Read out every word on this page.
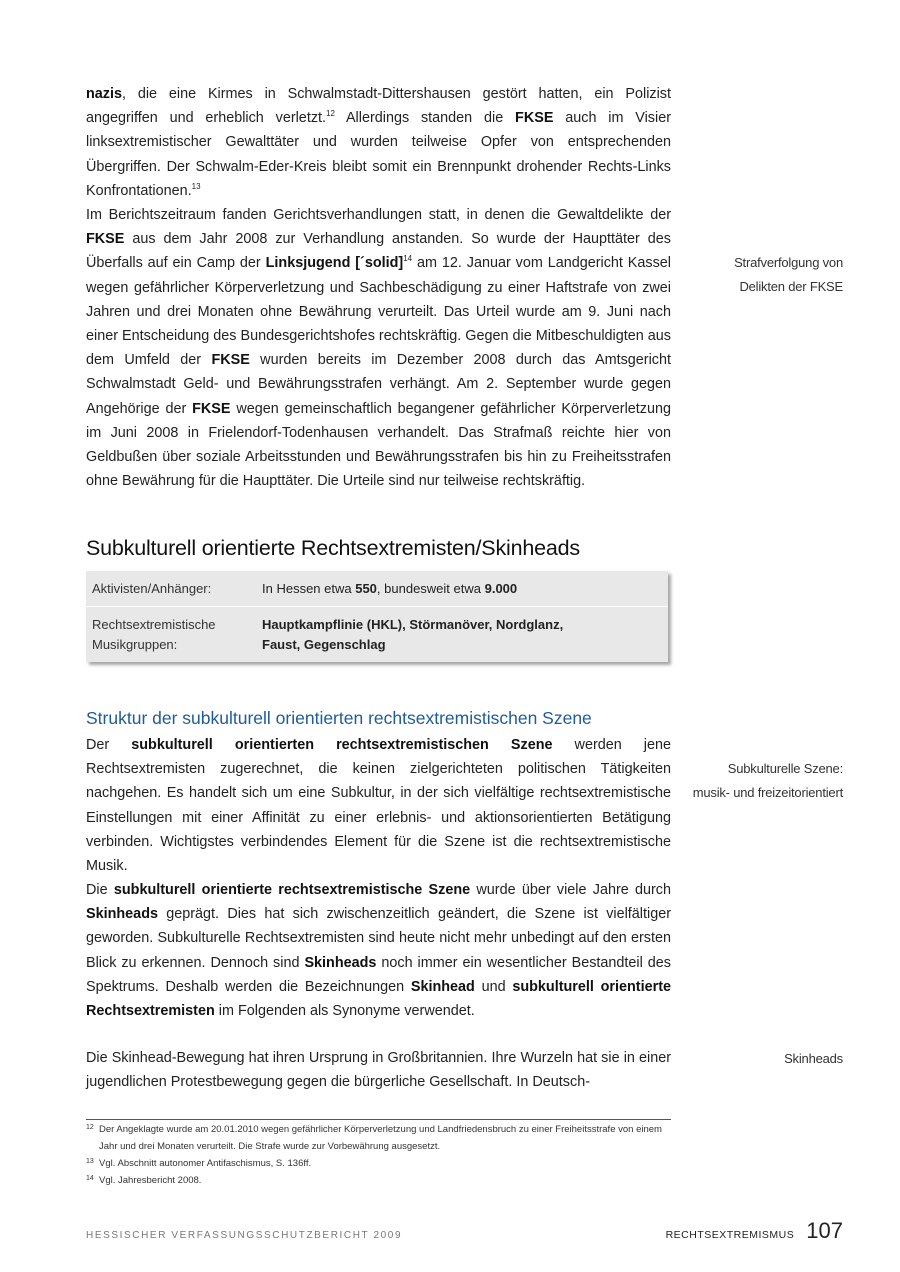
nazis, die eine Kirmes in Schwalmstadt-Dittershausen gestört hatten, ein Polizist angegriffen und erheblich verletzt.$^{12}$ Allerdings standen die FKSE auch im Visier linksextremistischer Gewalttäter und wurden teilweise Opfer von entsprechenden Übergriffen. Der Schwalm-Eder-Kreis bleibt somit ein Brennpunkt drohender Rechts-Links Konfrontationen.$^{13}$

Im Berichtszeitraum fanden Gerichtsverhandlungen statt, in denen die Gewaltdelikte der FKSE aus dem Jahr 2008 zur Verhandlung anstanden. So wurde der Haupttäter des Überfalls auf ein Camp der Linksjugend [´solid]$^{14}$ am 12. Januar vom Landgericht Kassel wegen gefährlicher Körperverletzung und Sachbeschädigung zu einer Haftstrafe von zwei Jahren und drei Monaten ohne Bewährung verurteilt. Das Urteil wurde am 9. Juni nach einer Entscheidung des Bundesgerichtshofes rechtskräftig. Gegen die Mitbeschuldigten aus dem Umfeld der FKSE wurden bereits im Dezember 2008 durch das Amtsgericht Schwalmstadt Geld- und Bewährungsstrafen verhängt. Am 2. September wurde gegen Angehörige der FKSE wegen gemeinschaftlich begangener gefährlicher Körperverletzung im Juni 2008 in Frielendorf-Todenhausen verhandelt. Das Strafmaß reichte hier von Geldbußen über soziale Arbeitsstunden und Bewährungsstrafen bis hin zu Freiheitsstrafen ohne Bewährung für die Haupttäter. Die Urteile sind nur teilweise rechtskräftig.

Strafverfolgung von
Delikten der FKSE
Subkulturell orientierte Rechtsextremisten/Skinheads
Aktivisten/Anhänger:	In Hessen etwa 550, bundesweit etwa 9.000
Rechtsextremistische
Musikgruppen:
Hauptkampflinie (HKL), Störmanöver, Nordglanz,
Faust, Gegenschlag
Struktur der subkulturell orientierten rechtsextremistischen Szene

Der subkulturell orientierten rechtsextremistischen Szene werden jene Rechtsextremisten zugerechnet, die keinen zielgerichteten politischen Tätigkeiten nachgehen. Es handelt sich um eine Subkultur, in der sich vielfältige rechtsextremistische Einstellungen mit einer Affinität zu einer erlebnis- und aktionsorientierten Betätigung verbinden. Wichtigstes verbindendes Element für die Szene ist die rechtsextremistische Musik.

Subkulturelle Szene:
musik- und freizeitorientiert

Die subkulturell orientierte rechtsextremistische Szene wurde über viele Jahre durch Skinheads geprägt. Dies hat sich zwischenzeitlich geändert, die Szene ist vielfältiger geworden. Subkulturelle Rechtsextremisten sind heute nicht mehr unbedingt auf den ersten Blick zu erkennen. Dennoch sind Skinheads noch immer ein wesentlicher Bestandteil des Spektrums. Deshalb werden die Bezeichnungen Skinhead und subkulturell orientierte Rechtsextremisten im Folgenden als Synonyme verwendet.

Die Skinhead-Bewegung hat ihren Ursprung in Großbritannien. Ihre Wurzeln hat sie in einer jugendlichen Protestbewegung gegen die bürgerliche Gesellschaft. In Deutsch-

Skinheads
12 Der Angeklagte wurde am 20.01.2010 wegen gefährlicher Körperverletzung und Landfriedensbruch zu einer Freiheitsstrafe von einem Jahr und drei Monaten verurteilt. Die Strafe wurde zur Vorbewährung ausgesetzt.
13 Vgl. Abschnitt autonomer Antifaschismus, S. 136ff.
14 Vgl. Jahresbericht 2008.
HESSISCHER VERFASSUNGSSCHUTZBERICHT 2009	RECHTSEXTREMISMUS 107
